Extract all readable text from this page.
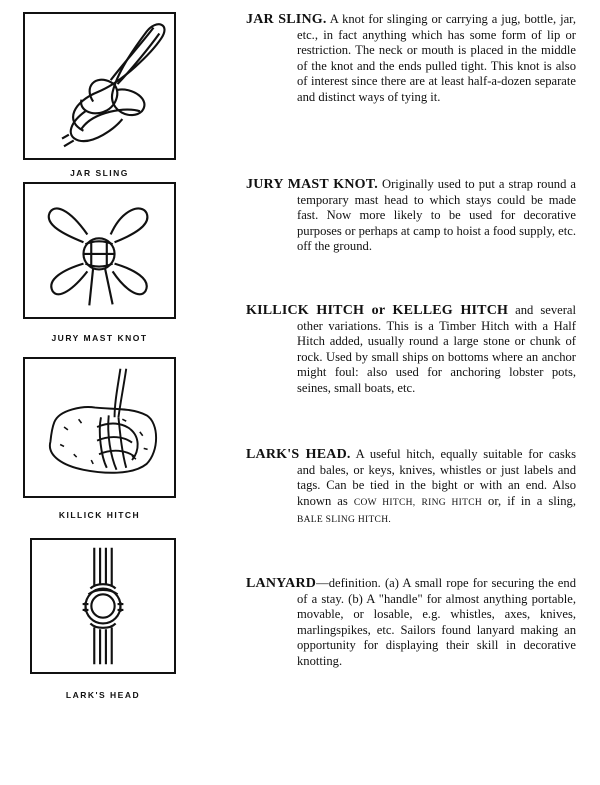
JAR SLING
JURY MAST KNOT
KILLICK HITCH
LARK'S HEAD

JAR SLING. A knot for slinging or carrying a jug, bottle, jar, etc., in fact anything which has some form of lip or restriction. The neck or mouth is placed in the middle of the knot and the ends pulled tight. This knot is also of interest since there are at least half-a-dozen separate and distinct ways of tying it.

JURY MAST KNOT. Originally used to put a strap round a temporary mast head to which stays could be made fast. Now more likely to be used for decorative purposes or perhaps at camp to hoist a food supply, etc. off the ground.

KILLICK HITCH or KELLEG HITCH and several other variations. This is a Timber Hitch with a Half Hitch added, usually round a large stone or chunk of rock. Used by small ships on bottoms where an anchor might foul: also used for anchoring lobster pots, seines, small boats, etc.

LARK'S HEAD. A useful hitch, equally suitable for casks and bales, or keys, knives, whistles or just labels and tags. Can be tied in the bight or with an end. Also known as COW HITCH, RING HITCH or, if in a sling, BALE SLING HITCH.

LANYARD—definition. (a) A small rope for securing the end of a stay. (b) A "handle" for almost anything portable, movable, or losable, e.g. whistles, axes, knives, marlingspikes, etc. Sailors found lanyard making an opportunity for displaying their skill in decorative knotting.
